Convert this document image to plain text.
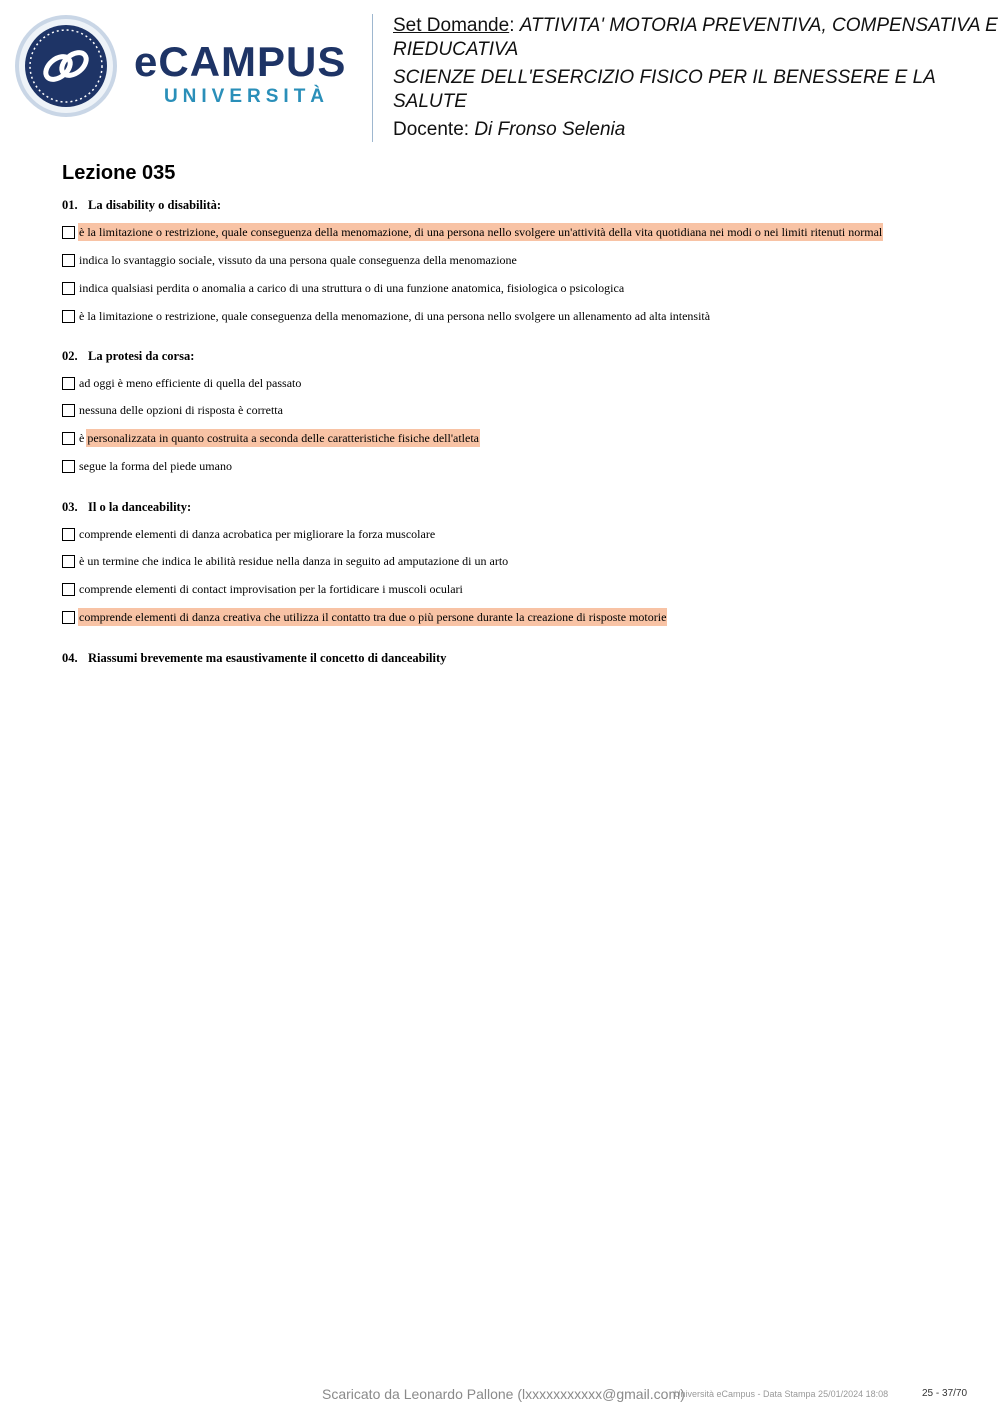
eCAMPUS
UNIVERSITÀ
Set Domande: ATTIVITA' MOTORIA PREVENTIVA, COMPENSATIVA E
RIEDUCATIVA
SCIENZE DELL'ESERCIZIO FISICO PER IL BENESSERE E LA
SALUTE
Docente: Di Fronso Selenia
Lezione 035
01. La disability o disabilità:
è la limitazione o restrizione, quale conseguenza della menomazione, di una persona nello svolgere un'attività della vita quotidiana nei modi o nei limiti ritenuti normal
indica lo svantaggio sociale, vissuto da una persona quale conseguenza della menomazione
indica qualsiasi perdita o anomalia a carico di una struttura o di una funzione anatomica, fisiologica o psicologica
è la limitazione o restrizione, quale conseguenza della menomazione, di una persona nello svolgere un allenamento ad alta intensità
02. La protesi da corsa:
ad oggi è meno efficiente di quella del passato
nessuna delle opzioni di risposta è corretta
è personalizzata in quanto costruita a seconda delle caratteristiche fisiche dell'atleta
segue la forma del piede umano
03. Il o la danceability:
comprende elementi di danza acrobatica per migliorare la forza muscolare
è un termine che indica le abilità residue nella danza in seguito ad amputazione di un arto
comprende elementi di contact improvisation per la fortidicare i muscoli oculari
comprende elementi di danza creativa che utilizza il contatto tra due o più persone durante la creazione di risposte motorie
04. Riassumi brevemente ma esaustivamente il concetto di danceability
Scaricato da Leonardo Pallone (lxxxxxxxxxxx@gmail.com)
Università eCampus - Data Stampa 25/01/2024 18:08	25 - 37/70
